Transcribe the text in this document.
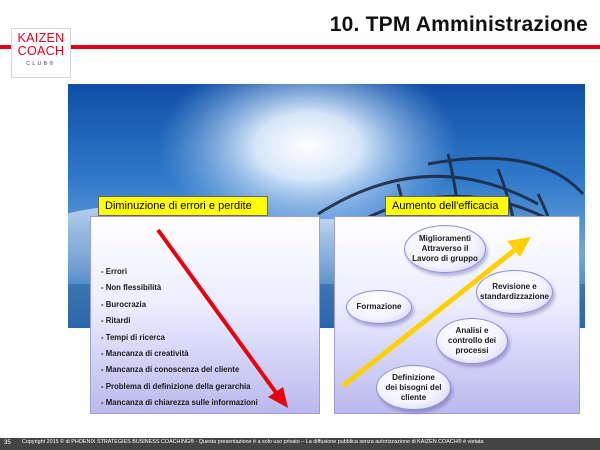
10. TPM Amministrazione
KAIZEN
COACH
CLUB®
Diminuzione di errori e perdite	Aumento dell'efficacia
- Errori
- Non flessibilità
- Burocrazia
- Ritardi
- Tempi di ricerca
- Mancanza di creatività
- Mancanza di conoscenza del cliente
- Problema di definizione della gerarchia
- Mancanza di chiarezza sulle informazioni
Miglioramenti
Attraverso il
Lavoro di gruppo
Revisione e
standardizzazione
Formazione
Analisi e
controllo dei
processi
Definizione
dei bisogni del
cliente
35 Copyright 2015 © di PHOENIX STRATEGIES BUSINESS COACHING® - Questa presentazione è a solo uso privato – La diffusione pubblica senza autorizzazione di KAIZEN COACH® è vietata
